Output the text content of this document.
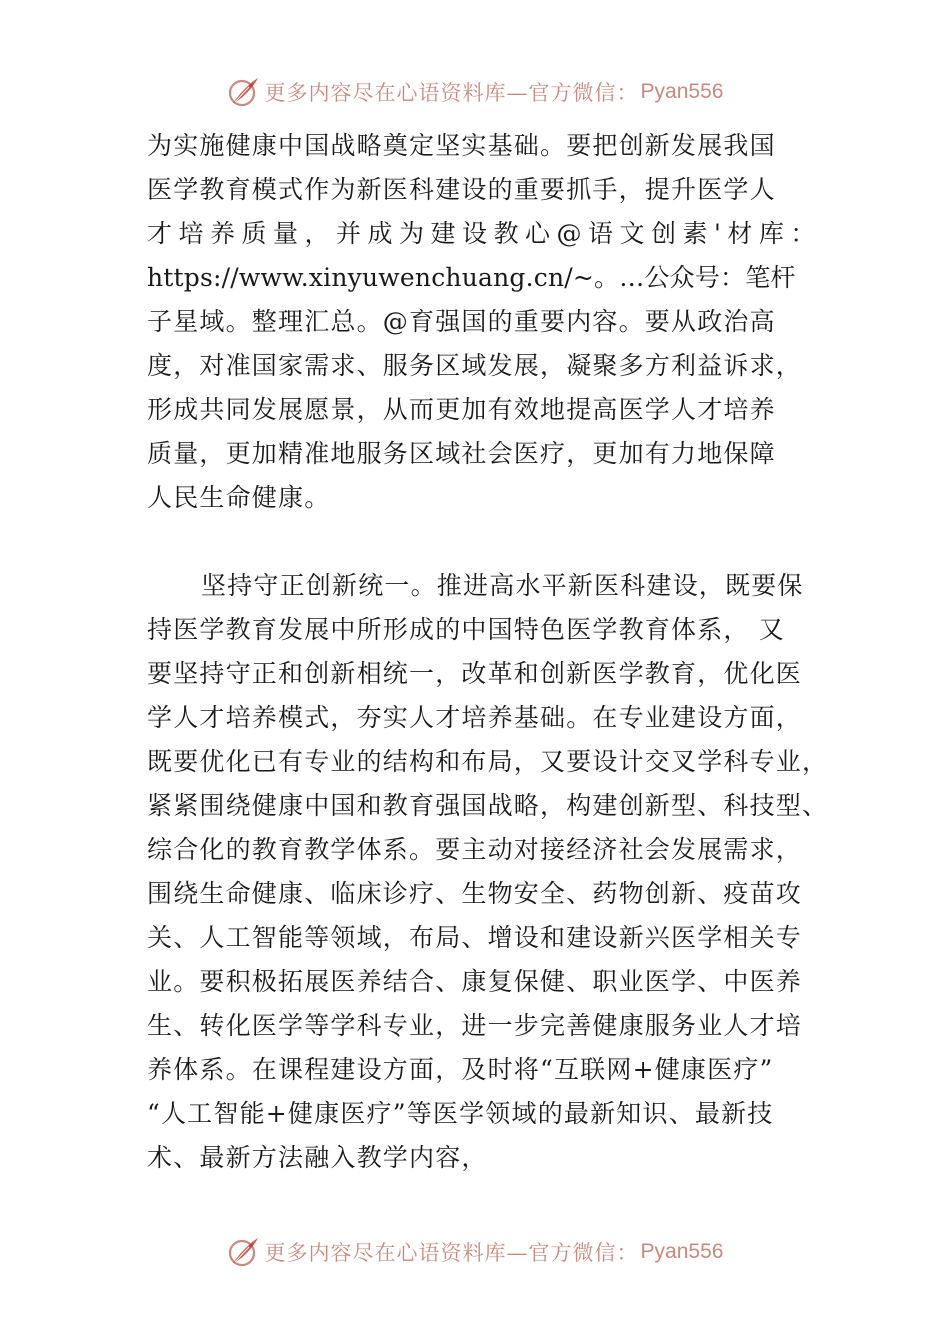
更多内容尽在心语资料库—官方微信： Pyan556
为实施健康中国战略奠定坚实基础。要把创新发展我国
医学教育模式作为新医科建设的重要抓手，提升医学人
才培养质量，并成为建设教心@语文创素'材库：
https://www.xinyuwenchuang.cn/~。…公众号：笔杆
子星域。整理汇总。@育强国的重要内容。要从政治高
度，对准国家需求、服务区域发展，凝聚多方利益诉求，
形成共同发展愿景，从而更加有效地提高医学人才培养
质量，更加精准地服务区域社会医疗，更加有力地保障
人民生命健康。
坚持守正创新统一。推进高水平新医科建设，既要保
持医学教育发展中所形成的中国特色医学教育体系， 又
要坚持守正和创新相统一，改革和创新医学教育，优化医
学人才培养模式，夯实人才培养基础。在专业建设方面，
既要优化已有专业的结构和布局，又要设计交叉学科专业，
紧紧围绕健康中国和教育强国战略，构建创新型、科技型、
综合化的教育教学体系。要主动对接经济社会发展需求，
围绕生命健康、临床诊疗、生物安全、药物创新、疫苗攻
关、人工智能等领域，布局、增设和建设新兴医学相关专
业。要积极拓展医养结合、康复保健、职业医学、中医养
生、转化医学等学科专业，进一步完善健康服务业人才培
养体系。在课程建设方面，及时将“互联网+健康医疗”
“人工智能+健康医疗”等医学领域的最新知识、最新技
术、最新方法融入教学内容，
更多内容尽在心语资料库—官方微信： Pyan556
